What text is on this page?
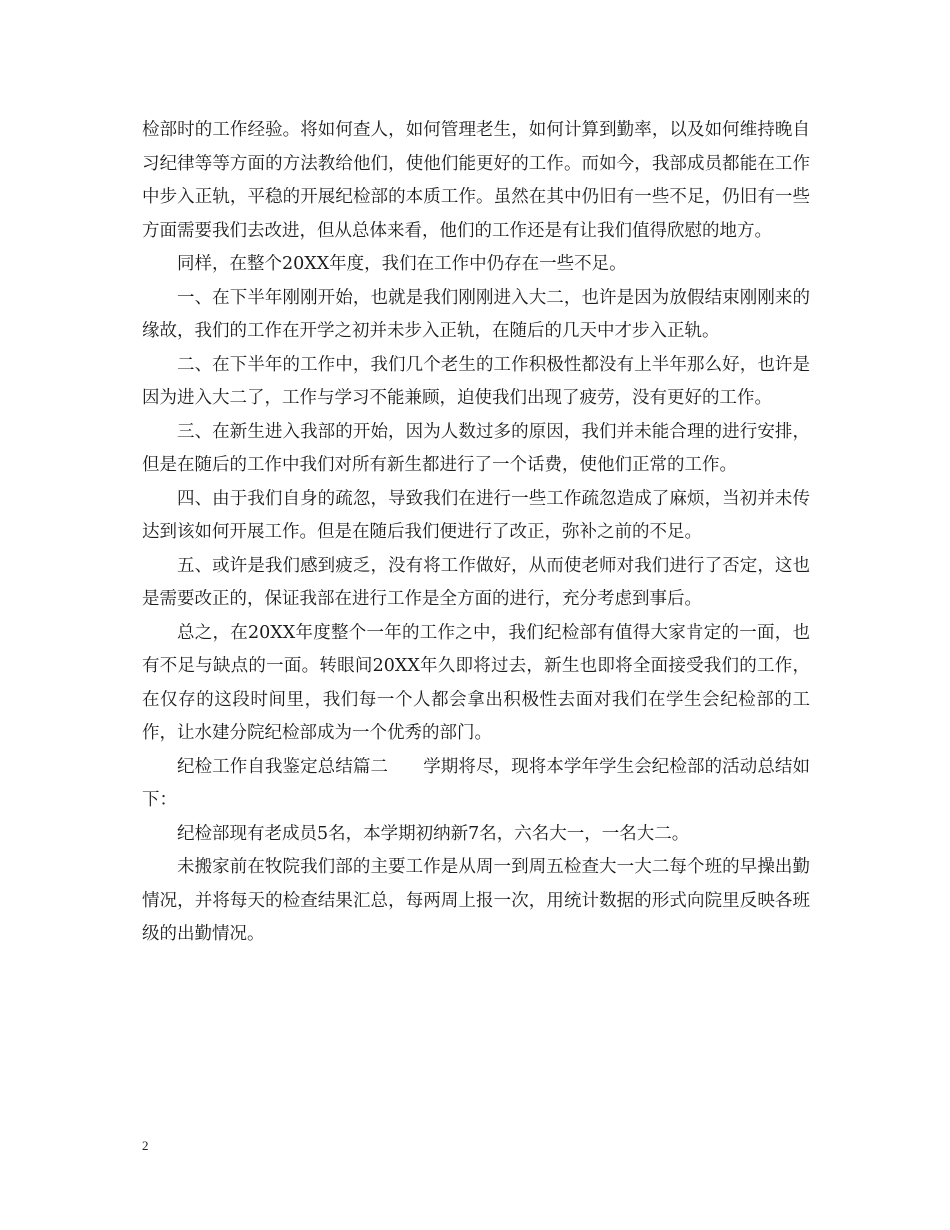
检部时的工作经验。将如何查人，如何管理老生，如何计算到勤率，以及如何维持晚自习纪律等等方面的方法教给他们，使他们能更好的工作。而如今，我部成员都能在工作中步入正轨，平稳的开展纪检部的本质工作。虽然在其中仍旧有一些不足，仍旧有一些方面需要我们去改进，但从总体来看，他们的工作还是有让我们值得欣慰的地方。

同样，在整个20XX年度，我们在工作中仍存在一些不足。

一、在下半年刚刚开始，也就是我们刚刚进入大二，也许是因为放假结束刚刚来的缘故，我们的工作在开学之初并未步入正轨，在随后的几天中才步入正轨。

二、在下半年的工作中，我们几个老生的工作积极性都没有上半年那么好，也许是因为进入大二了，工作与学习不能兼顾，迫使我们出现了疲劳，没有更好的工作。

三、在新生进入我部的开始，因为人数过多的原因，我们并未能合理的进行安排，但是在随后的工作中我们对所有新生都进行了一个话费，使他们正常的工作。

四、由于我们自身的疏忽，导致我们在进行一些工作疏忽造成了麻烦，当初并未传达到该如何开展工作。但是在随后我们便进行了改正，弥补之前的不足。

五、或许是我们感到疲乏，没有将工作做好，从而使老师对我们进行了否定，这也是需要改正的，保证我部在进行工作是全方面的进行，充分考虑到事后。

总之，在20XX年度整个一年的工作之中，我们纪检部有值得大家肯定的一面，也有不足与缺点的一面。转眼间20XX年久即将过去，新生也即将全面接受我们的工作，在仅存的这段时间里，我们每一个人都会拿出积极性去面对我们在学生会纪检部的工作，让水建分院纪检部成为一个优秀的部门。

纪检工作自我鉴定总结篇二　　学期将尽，现将本学年学生会纪检部的活动总结如下：

纪检部现有老成员5名，本学期初纳新7名，六名大一，一名大二。

未搬家前在牧院我们部的主要工作是从周一到周五检查大一大二每个班的早操出勤情况，并将每天的检查结果汇总，每两周上报一次，用统计数据的形式向院里反映各班级的出勤情况。

2
